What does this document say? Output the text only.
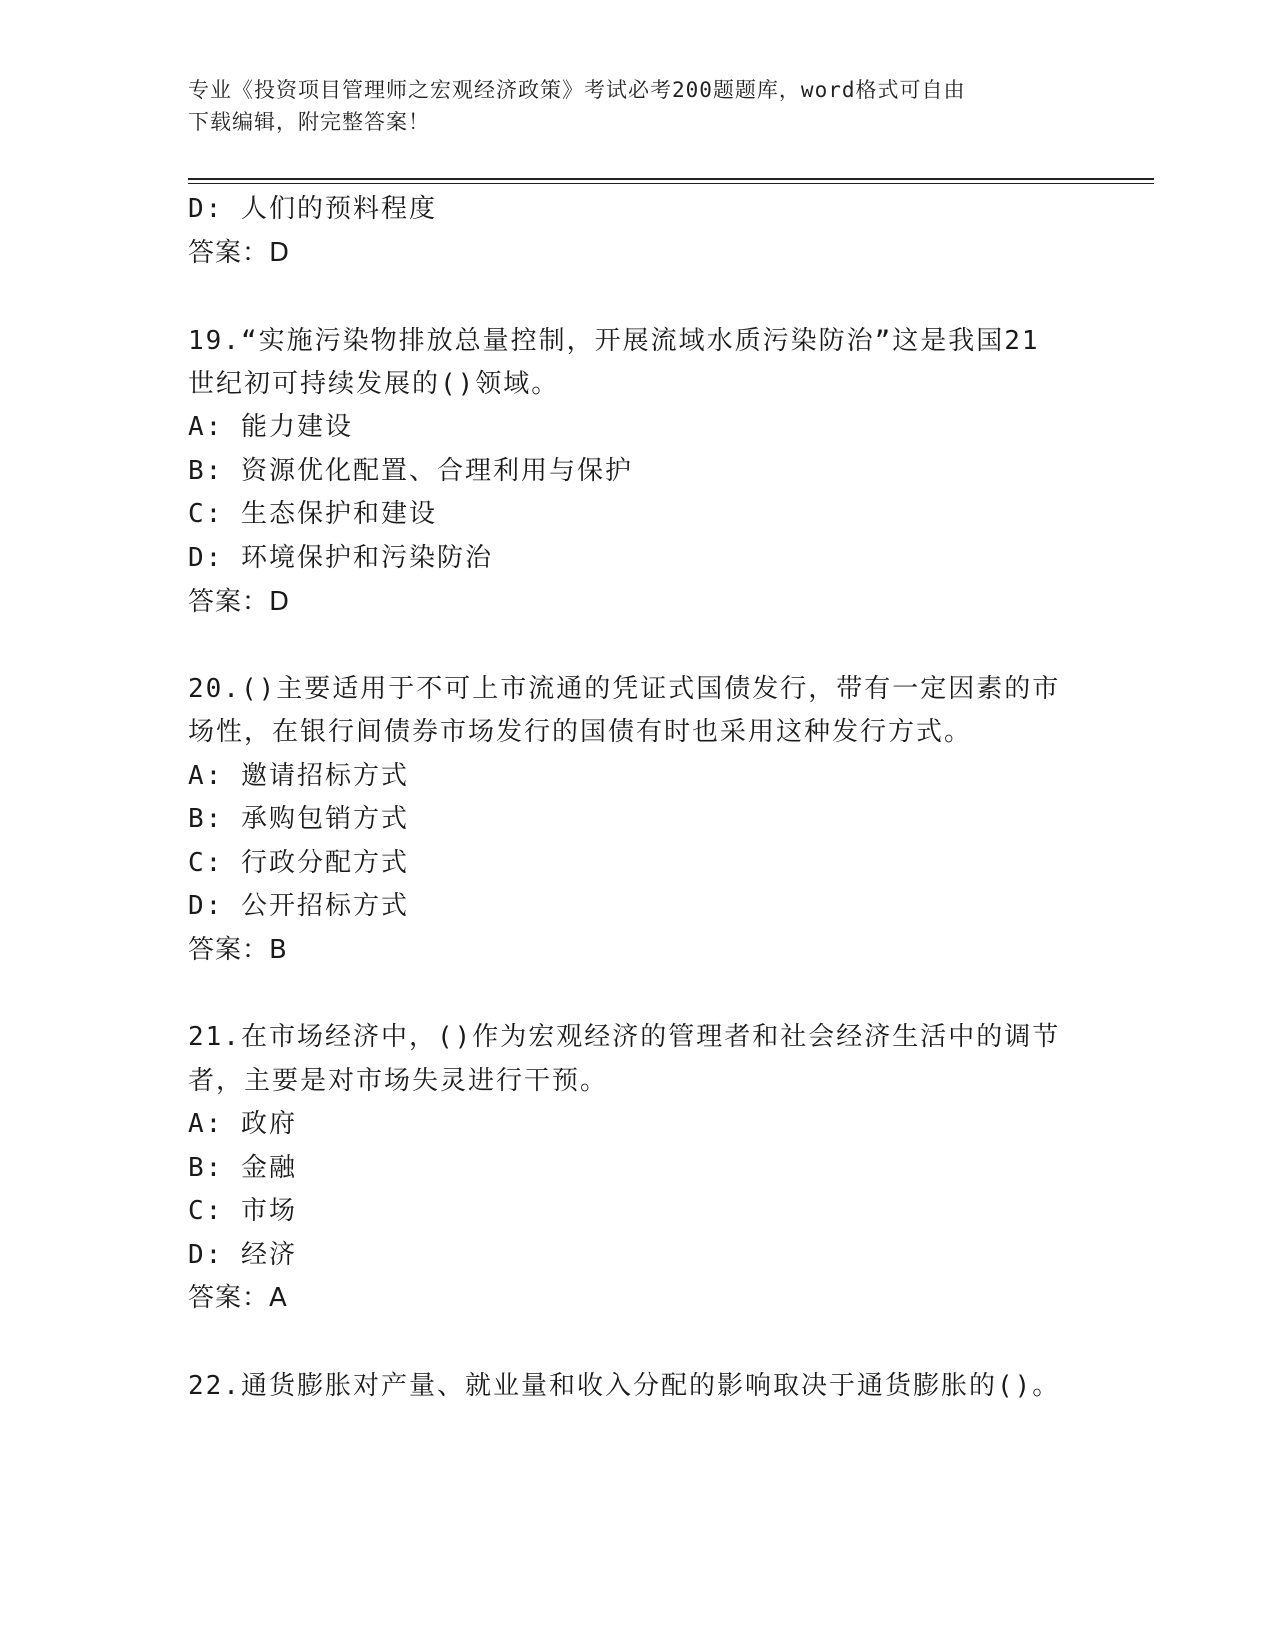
专业《投资项目管理师之宏观经济政策》考试必考200题题库，word格式可自由
下载编辑，附完整答案！
D: 人们的预料程度
答案：D
19.“实施污染物排放总量控制，开展流域水质污染防治”这是我国21
世纪初可持续发展的()领域。
A: 能力建设
B: 资源优化配置、合理利用与保护
C: 生态保护和建设
D: 环境保护和污染防治
答案：D
20.()主要适用于不可上市流通的凭证式国债发行，带有一定因素的市
场性，在银行间债券市场发行的国债有时也采用这种发行方式。
A: 邀请招标方式
B: 承购包销方式
C: 行政分配方式
D: 公开招标方式
答案：B
21.在市场经济中，()作为宏观经济的管理者和社会经济生活中的调节
者，主要是对市场失灵进行干预。
A: 政府
B: 金融
C: 市场
D: 经济
答案：A
22.通货膨胀对产量、就业量和收入分配的影响取决于通货膨胀的()。
